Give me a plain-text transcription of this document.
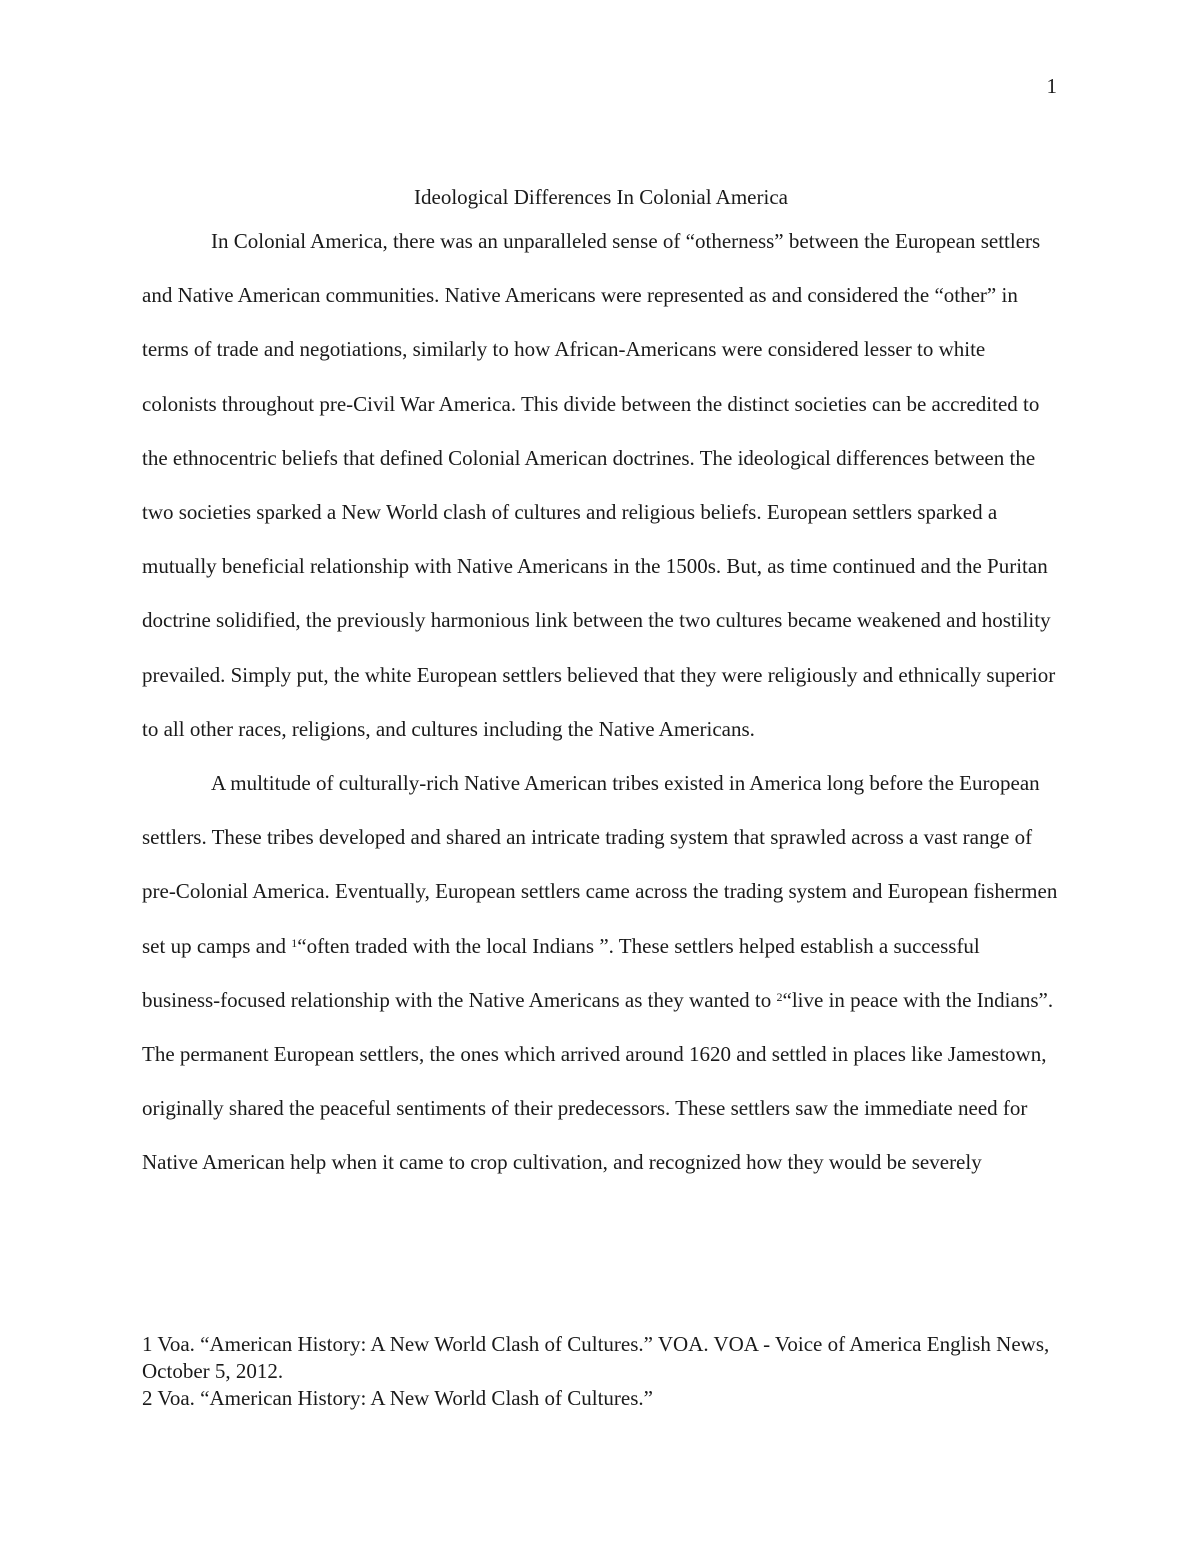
1
Ideological Differences In Colonial America

In Colonial America, there was an unparalleled sense of “otherness” between the European settlers and Native American communities. Native Americans were represented as and considered the “other” in terms of trade and negotiations, similarly to how African-Americans were considered lesser to white colonists throughout pre-Civil War America. This divide between the distinct societies can be accredited to the ethnocentric beliefs that defined Colonial American doctrines. The ideological differences between the two societies sparked a New World clash of cultures and religious beliefs. European settlers sparked a mutually beneficial relationship with Native Americans in the 1500s. But, as time continued and the Puritan doctrine solidified, the previously harmonious link between the two cultures became weakened and hostility prevailed. Simply put, the white European settlers believed that they were religiously and ethnically superior to all other races, religions, and cultures including the Native Americans.

A multitude of culturally-rich Native American tribes existed in America long before the European settlers. These tribes developed and shared an intricate trading system that sprawled across a vast range of pre-Colonial America. Eventually, European settlers came across the trading system and European fishermen set up camps and $^1$“often traded with the local Indians ”. These settlers helped establish a successful business-focused relationship with the Native Americans as they wanted to $^2$“live in peace with the Indians”. The permanent European settlers, the ones which arrived around 1620 and settled in places like Jamestown, originally shared the peaceful sentiments of their predecessors. These settlers saw the immediate need for Native American help when it came to crop cultivation, and recognized how they would be severely

1 Voa. “American History: A New World Clash of Cultures.” VOA. VOA - Voice of America English News, October 5, 2012.

2 Voa. “American History: A New World Clash of Cultures.”
